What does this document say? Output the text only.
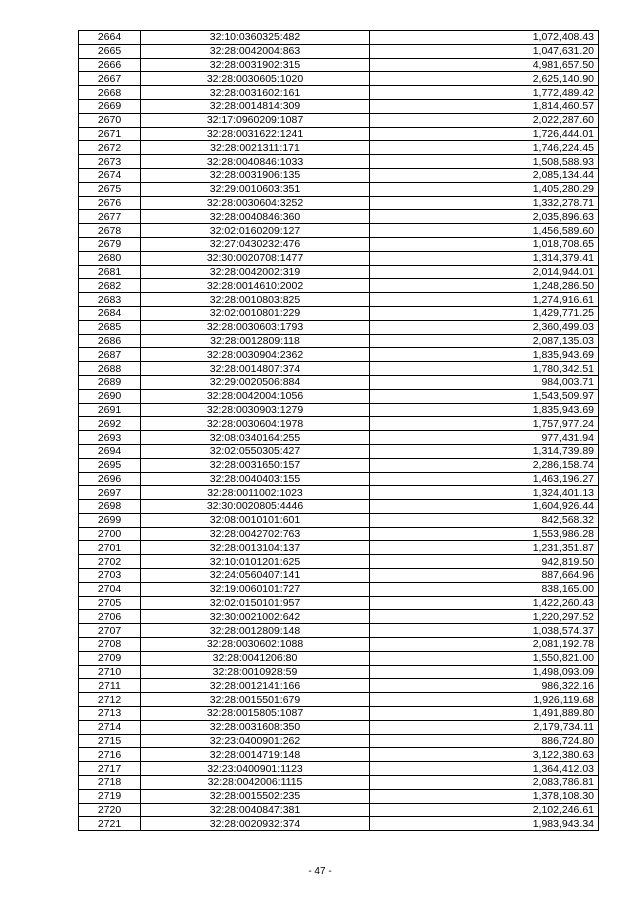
2664	32:10:0360325:482	1,072,408.43
2665	32:28:0042004:863	1,047,631.20
2666	32:28:0031902:315	4,981,657.50
2667	32:28:0030605:1020	2,625,140.90
2668	32:28:0031602:161	1,772,489.42
2669	32:28:0014814:309	1,814,460.57
2670	32:17:0960209:1087	2,022,287.60
2671	32:28:0031622:1241	1,726,444.01
2672	32:28:0021311:171	1,746,224.45
2673	32:28:0040846:1033	1,508,588.93
2674	32:28:0031906:135	2,085,134.44
2675	32:29:0010603:351	1,405,280.29
2676	32:28:0030604:3252	1,332,278.71
2677	32:28:0040846:360	2,035,896.63
2678	32:02:0160209:127	1,456,589.60
2679	32:27:0430232:476	1,018,708.65
2680	32:30:0020708:1477	1,314,379.41
2681	32:28:0042002:319	2,014,944.01
2682	32:28:0014610:2002	1,248,286.50
2683	32:28:0010803:825	1,274,916.61
2684	32:02:0010801:229	1,429,771.25
2685	32:28:0030603:1793	2,360,499.03
2686	32:28:0012809:118	2,087,135.03
2687	32:28:0030904:2362	1,835,943.69
2688	32:28:0014807:374	1,780,342.51
2689	32:29:0020506:884	984,003.71
2690	32:28:0042004:1056	1,543,509.97
2691	32:28:0030903:1279	1,835,943.69
2692	32:28:0030604:1978	1,757,977.24
2693	32:08:0340164:255	977,431.94
2694	32:02:0550305:427	1,314,739.89
2695	32:28:0031650:157	2,286,158.74
2696	32:28:0040403:155	1,463,196.27
2697	32:28:0011002:1023	1,324,401.13
2698	32:30:0020805:4446	1,604,926.44
2699	32:08:0010101:601	842,568.32
2700	32:28:0042702:763	1,553,986.28
2701	32:28:0013104:137	1,231,351.87
2702	32:10:0101201:625	942,819.50
2703	32:24:0560407:141	887,664.96
2704	32:19:0060101:727	838,165.00
2705	32:02:0150101:957	1,422,260.43
2706	32:30:0021002:642	1,220,297.52
2707	32:28:0012809:148	1,038,574.37
2708	32:28:0030602:1088	2,081,192.78
2709	32:28:0041206:80	1,550,821.00
2710	32:28:0010928:59	1,498,093.09
2711	32:28:0012141:166	986,322.16
2712	32:28:0015501:679	1,926,119.68
2713	32:28:0015805:1087	1,491,889.80
2714	32:28:0031608:350	2,179,734.11
2715	32:23:0400901:262	886,724.80
2716	32:28:0014719:148	3,122,380.63
2717	32:23:0400901:1123	1,364,412.03
2718	32:28:0042006:1115	2,083,786.81
2719	32:28:0015502:235	1,378,108.30
2720	32:28:0040847:381	2,102,246.61
2721	32:28:0020932:374	1,983,943.34
- 47 -
